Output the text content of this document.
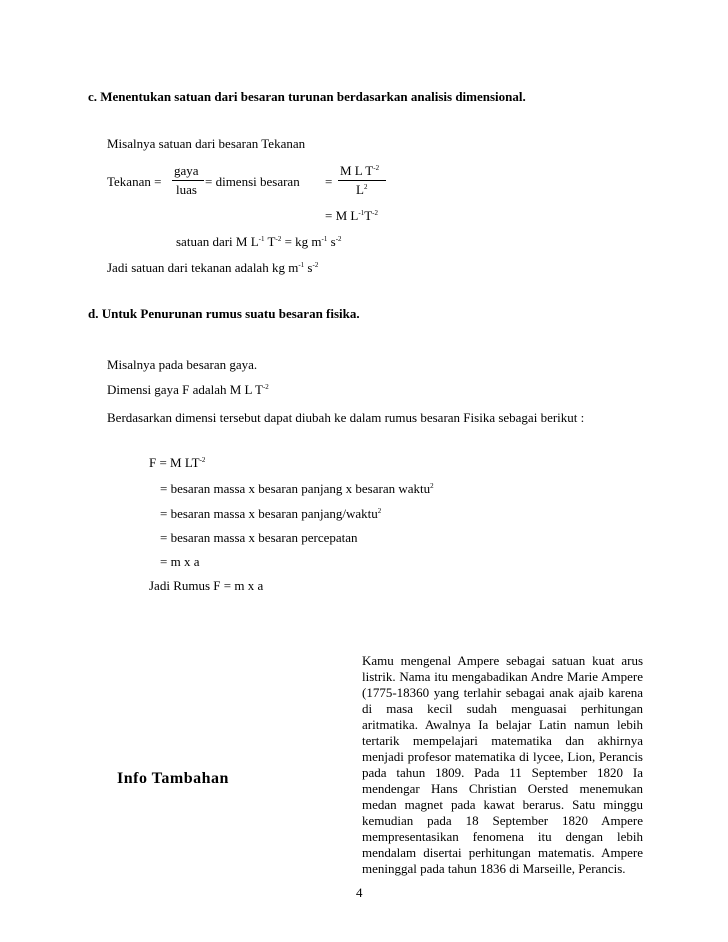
c. Menentukan satuan dari besaran turunan berdasarkan analisis dimensional.
Misalnya satuan dari besaran Tekanan
Tekanan =
gaya
luas
= dimensi besaran =
M L $T^{-2}$
$L^2$
= M $L^{-1}T^{-2}$
satuan dari M $L^{-1}$ $T^{-2}$ = kg $m^{-1}$ $s^{-2}$
Jadi satuan dari tekanan adalah kg $m^{-1}$ $s^{-2}$
d. Untuk Penurunan rumus suatu besaran fisika.
Misalnya pada besaran gaya.
Dimensi gaya F adalah M L $T^{-2}$
Berdasarkan dimensi tersebut dapat diubah ke dalam rumus besaran Fisika sebagai berikut :
F = M $LT^{-2}$
= besaran massa x besaran panjang x besaran waktu$^2$
= besaran massa x besaran panjang/waktu$^2$
= besaran massa x besaran percepatan
= m x a
Jadi Rumus F = m x a
Info Tambahan
Kamu mengenal Ampere sebagai satuan kuat arus listrik. Nama itu mengabadikan Andre Marie Ampere (1775-18360 yang terlahir sebagai anak ajaib karena di masa kecil sudah menguasai perhitungan aritmatika. Awalnya Ia belajar Latin namun lebih tertarik mempelajari matematika dan akhirnya menjadi profesor matematika di lycee, Lion, Perancis pada tahun 1809. Pada 11 September 1820 Ia mendengar Hans Christian Oersted menemukan medan magnet pada kawat berarus. Satu minggu kemudian pada 18 September 1820 Ampere mempresentasikan fenomena itu dengan lebih mendalam disertai perhitungan matematis. Ampere meninggal pada tahun 1836 di Marseille, Perancis.
4
